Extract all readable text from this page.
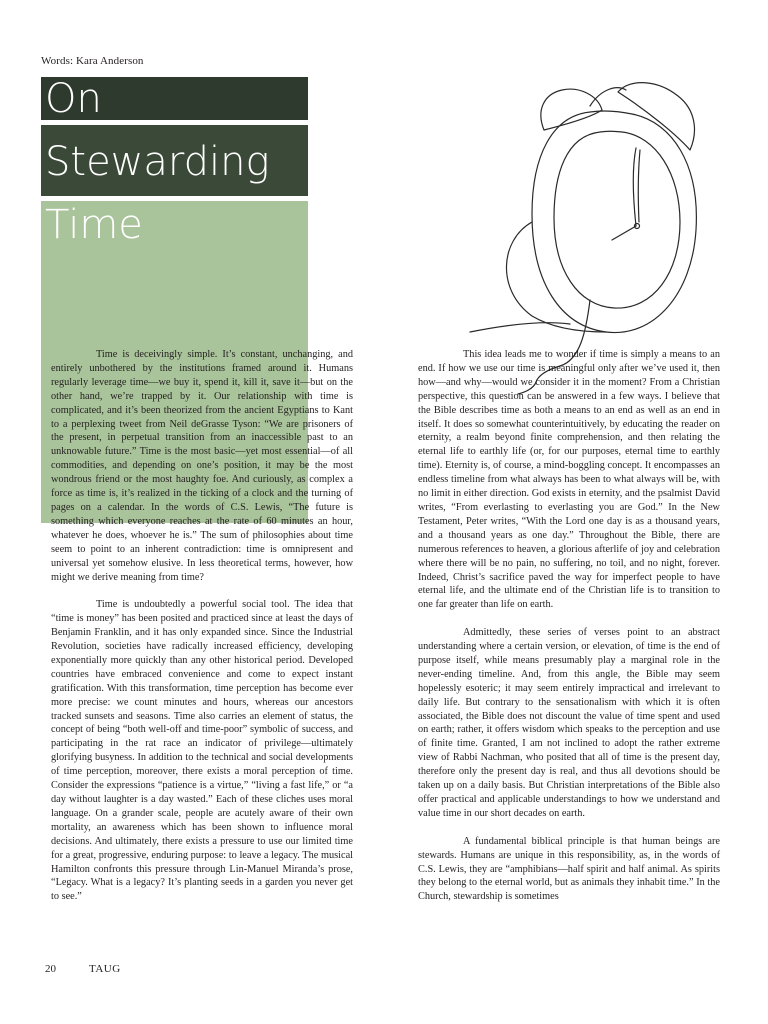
Words: Kara Anderson
On
Stewarding
Time

Time is deceivingly simple. It’s constant, unchanging, and entirely unbothered by the institutions framed around it. Humans regularly leverage time—we buy it, spend it, kill it, save it—but on the other hand, we’re trapped by it. Our relationship with time is complicated, and it’s been theorized from the ancient Egyptians to Kant to a perplexing tweet from Neil deGrasse Tyson: “We are prisoners of the present, in perpetual transition from an inaccessible past to an unknowable future.” Time is the most basic—yet most essential—of all commodities, and depending on one’s position, it may be the most wondrous friend or the most haughty foe. And curiously, as complex a force as time is, it’s realized in the ticking of a clock and the turning of pages on a calendar. In the words of C.S. Lewis, “The future is something which everyone reaches at the rate of 60 minutes an hour, whatever he does, whoever he is.” The sum of philosophies about time seem to point to an inherent contradiction: time is omnipresent and universal yet somehow elusive. In less theoretical terms, however, how might we derive meaning from time?

Time is undoubtedly a powerful social tool. The idea that “time is money” has been posited and practiced since at least the days of Benjamin Franklin, and it has only expanded since. Since the Industrial Revolution, societies have radically increased efficiency, developing exponentially more quickly than any other historical period. Developed countries have embraced convenience and come to expect instant gratification. With this transformation, time perception has become ever more precise: we count minutes and hours, whereas our ancestors tracked sunsets and seasons. Time also carries an element of status, the concept of being “both well-off and time-poor” symbolic of success, and participating in the rat race an indicator of privilege—ultimately glorifying busyness. In addition to the technical and social developments of time perception, moreover, there exists a moral perception of time. Consider the expressions “patience is a virtue,” “living a fast life,” or “a day without laughter is a day wasted.” Each of these cliches uses moral language. On a grander scale, people are acutely aware of their own mortality, an awareness which has been shown to influence moral decisions. And ultimately, there exists a pressure to use our limited time for a great, progressive, enduring purpose: to leave a legacy. The musical Hamilton confronts this pressure through Lin-Manuel Miranda’s prose, “Legacy. What is a legacy? It’s planting seeds in a garden you never get to see.”

This idea leads me to wonder if time is simply a means to an end. If how we use our time is meaningful only after we’ve used it, then how—and why—would we consider it in the moment? From a Christian perspective, this question can be answered in a few ways. I believe that the Bible describes time as both a means to an end as well as an end in itself. It does so somewhat counterintuitively, by educating the reader on eternity, a realm beyond finite comprehension, and then relating the eternal life to earthly life (or, for our purposes, eternal time to earthly time). Eternity is, of course, a mind-boggling concept. It encompasses an endless timeline from what always has been to what always will be, with no limit in either direction. God exists in eternity, and the psalmist David writes, “From everlasting to everlasting you are God.” In the New Testament, Peter writes, “With the Lord one day is as a thousand years, and a thousand years as one day.” Throughout the Bible, there are numerous references to heaven, a glorious afterlife of joy and celebration where there will be no pain, no suffering, no toil, and no night, forever. Indeed, Christ’s sacrifice paved the way for imperfect people to have eternal life, and the ultimate end of the Christian life is to transition to one far greater than life on earth.

Admittedly, these series of verses point to an abstract understanding where a certain version, or elevation, of time is the end of purpose itself, while means presumably play a marginal role in the never-ending timeline. And, from this angle, the Bible may seem hopelessly esoteric; it may seem entirely impractical and irrelevant to daily life. But contrary to the sensationalism with which it is often associated, the Bible does not discount the value of time spent and used on earth; rather, it offers wisdom which speaks to the perception and use of finite time. Granted, I am not inclined to adopt the rather extreme view of Rabbi Nachman, who posited that all of time is the present day, therefore only the present day is real, and thus all devotions should be taken up on a daily basis. But Christian interpretations of the Bible also offer practical and applicable understandings to how we understand and value time in our short decades on earth.

A fundamental biblical principle is that human beings are stewards. Humans are unique in this responsibility, as, in the words of C.S. Lewis, they are “amphibians—half spirit and half animal. As spirits they belong to the eternal world, but as animals they inhabit time.” In the Church, stewardship is sometimes

20	TAUG
